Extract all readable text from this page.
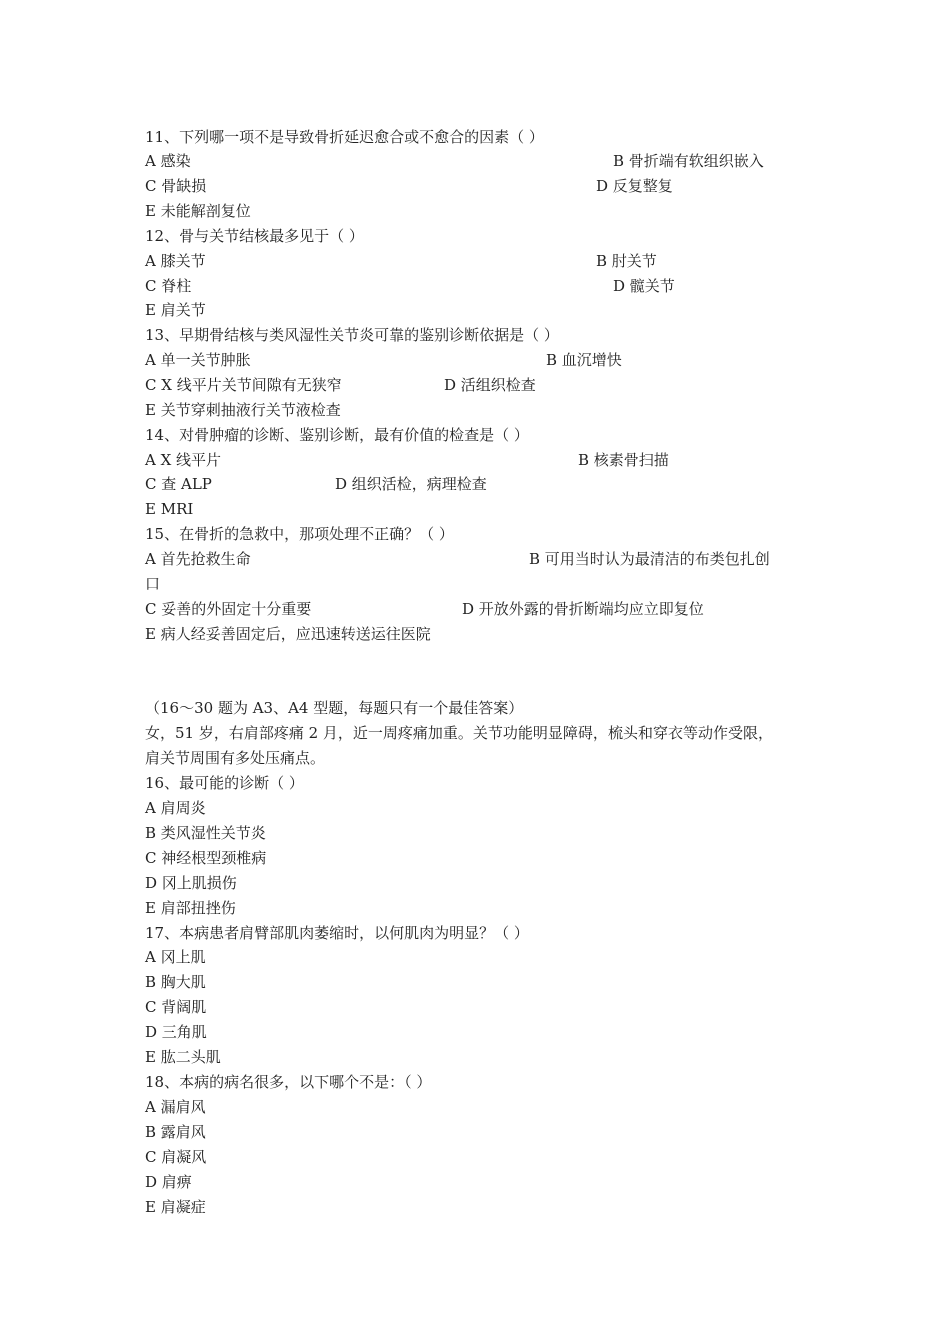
11、下列哪一项不是导致骨折延迟愈合或不愈合的因素（ ）
A 感染	B 骨折端有软组织嵌入
C 骨缺损	D 反复整复
E 未能解剖复位
12、骨与关节结核最多见于（ ）
A 膝关节	B 肘关节
C 脊柱	D 髋关节
E 肩关节
13、早期骨结核与类风湿性关节炎可靠的鉴别诊断依据是（ ）
A 单一关节肿胀	B 血沉增快
C X 线平片关节间隙有无狭窄	D 活组织检查
E 关节穿刺抽液行关节液检查
14、对骨肿瘤的诊断、鉴别诊断，最有价值的检查是（ ）
A X 线平片	B 核素骨扫描
C 查 ALP	D 组织活检，病理检查
E MRI
15、在骨折的急救中，那项处理不正确？（ ）
A 首先抢救生命	B 可用当时认为最清洁的布类包扎创
口
C 妥善的外固定十分重要	D 开放外露的骨折断端均应立即复位
E 病人经妥善固定后，应迅速转送运往医院
（16～30 题为 A3、A4 型题，每题只有一个最佳答案）
女，51 岁，右肩部疼痛 2 月，近一周疼痛加重。关节功能明显障碍，梳头和穿衣等动作受限，
肩关节周围有多处压痛点。
16、最可能的诊断（ ）
A 肩周炎
B 类风湿性关节炎
C 神经根型颈椎病
D 冈上肌损伤
E 肩部扭挫伤
17、本病患者肩臂部肌肉萎缩时，以何肌肉为明显？（ ）
A 冈上肌
B 胸大肌
C 背阔肌
D 三角肌
E 肱二头肌
18、本病的病名很多，以下哪个不是：（ ）
A 漏肩风
B 露肩风
C 肩凝风
D 肩痹
E 肩凝症
